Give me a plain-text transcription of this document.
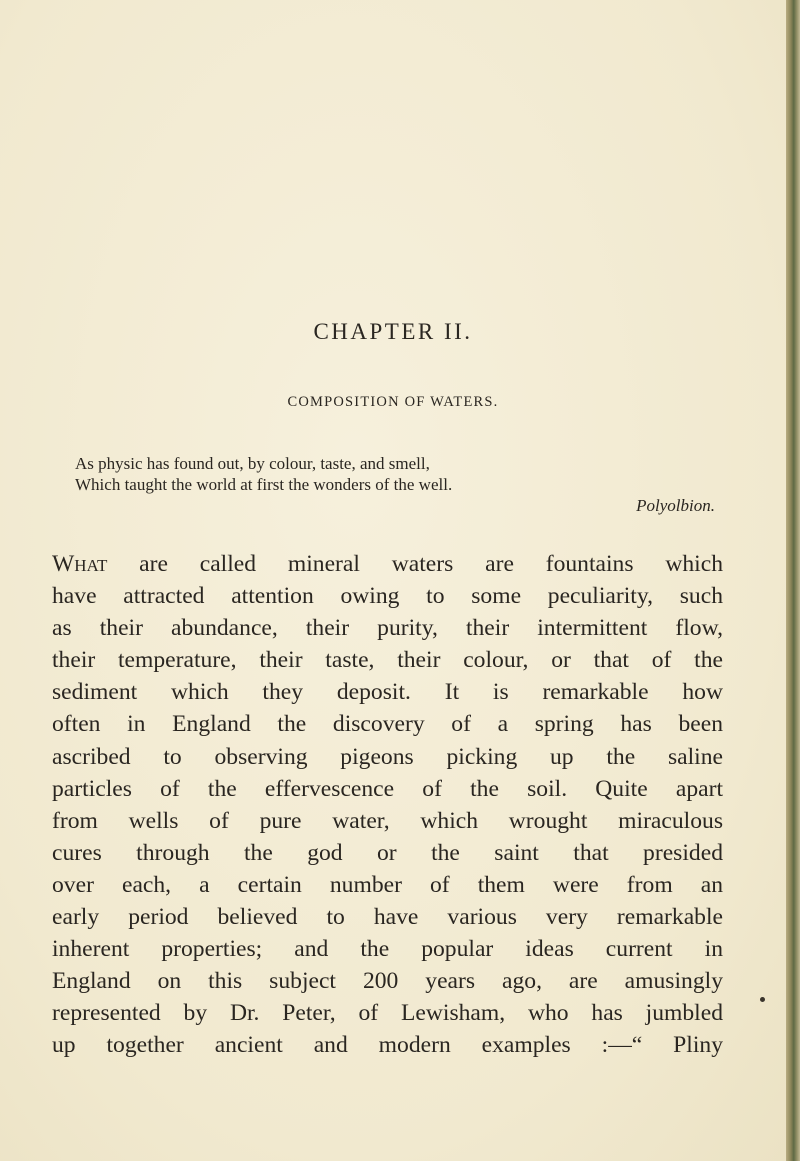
CHAPTER II.
COMPOSITION OF WATERS.
As physic has found out, by colour, taste, and smell,
Which taught the world at first the wonders of the well.
Polyolbion.
What are called mineral waters are fountains which
have attracted attention owing to some peculiarity, such
as their abundance, their purity, their intermittent flow,
their temperature, their taste, their colour, or that of the
sediment which they deposit. It is remarkable how
often in England the discovery of a spring has been
ascribed to observing pigeons picking up the saline
particles of the effervescence of the soil. Quite apart
from wells of pure water, which wrought miraculous
cures through the god or the saint that presided
over each, a certain number of them were from an
early period believed to have various very remarkable
inherent properties; and the popular ideas current in
England on this subject 200 years ago, are amusingly
represented by Dr. Peter, of Lewisham, who has jumbled
up together ancient and modern examples :—“ Pliny
